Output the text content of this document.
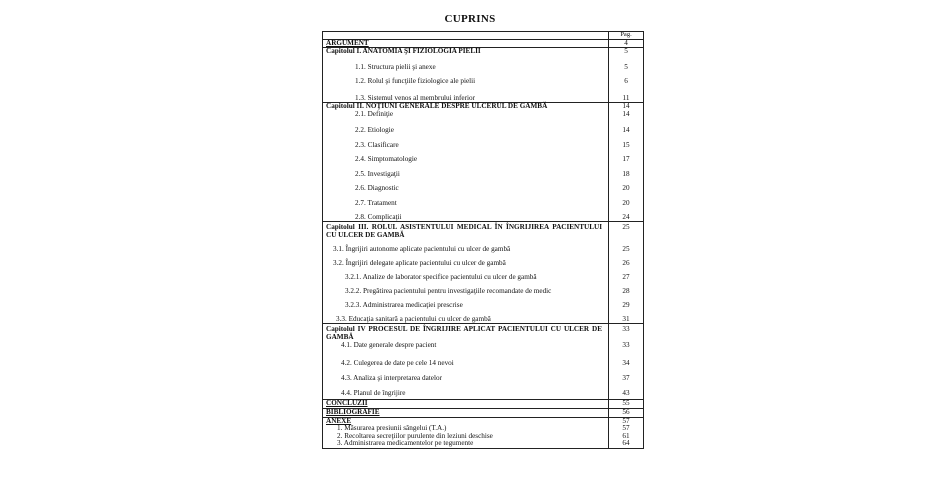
CUPRINS
	Pag.
ARGUMENT	4
Capitolul I. ANATOMIA ŞI FIZIOLOGIA PIELII	5
1.1. Structura pielii şi anexe	5
1.2. Rolul şi funcţiile fiziologice ale pielii	6
1.3. Sistemul venos al membrului inferior	11
Capitolul II. NOŢIUNI GENERALE DESPRE ULCERUL DE GAMBĂ	14
2.1. Definiţie	14
2.2. Etiologie	14
2.3. Clasificare	15
2.4. Simptomatologie	17
2.5. Investigaţii	18
2.6. Diagnostic	20
2.7. Tratament	20
2.8. Complicaţii	24

Capitolul III. ROLUL ASISTENTULUI MEDICAL ÎN ÎNGRIJIREA PACIENTULUI CU ULCER DE GAMBĂ	25
3.1. Îngrijiri autonome aplicate pacientului cu ulcer de gambă	25
3.2. Îngrijiri delegate aplicate pacientului cu ulcer de gambă	26
3.2.1. Analize de laborator specifice pacientului cu ulcer de gambă	27
3.2.2. Pregătirea pacientului pentru investigaţiile recomandate de medic	28
3.2.3. Administrarea medicaţiei prescrise	29
3.3. Educaţia sanitară a pacientului cu ulcer de gambă	31

Capitolul IV PROCESUL DE ÎNGRIJIRE APLICAT PACIENTULUI CU ULCER DE GAMBĂ	33
4.1. Date generale despre pacient	33
4.2. Culegerea de date pe cele 14 nevoi	34
4.3. Analiza şi interpretarea datelor	37
4.4. Planul de îngrijire	43
CONCLUZII	55
BIBLIOGRAFIE	56
ANEXE	57
1. Măsurarea presiunii sângelui (T.A.)	57
2. Recoltarea secreţiilor purulente din leziuni deschise	61
3. Administrarea medicamentelor pe tegumente	64
